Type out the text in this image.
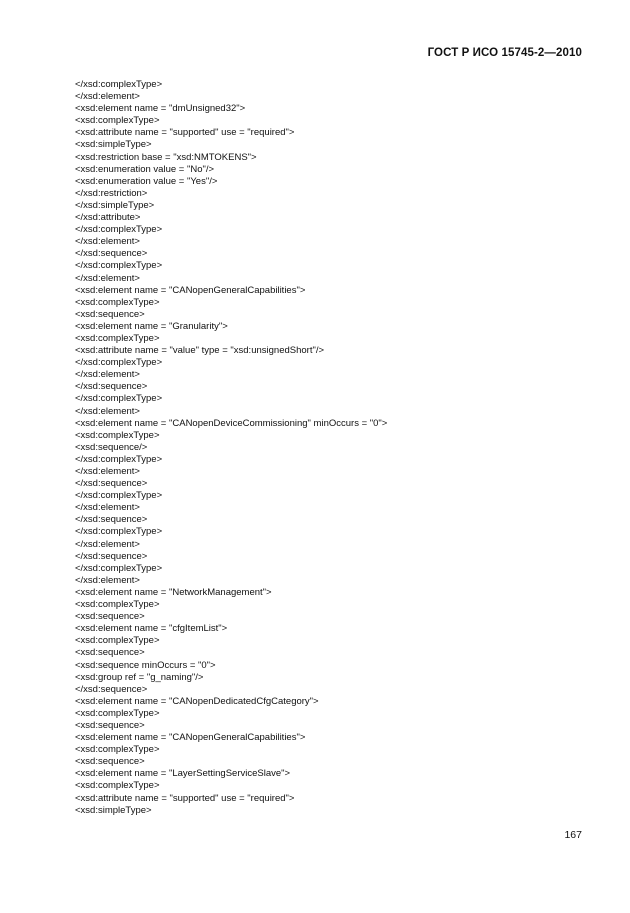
ГОСТ Р ИСО 15745-2—2010
</xsd:complexType>
</xsd:element>
<xsd:element name = "dmUnsigned32">
<xsd:complexType>
<xsd:attribute name = "supported" use = "required">
<xsd:simpleType>
<xsd:restriction base = "xsd:NMTOKENS">
<xsd:enumeration value = "No"/>
<xsd:enumeration value = "Yes"/>
</xsd:restriction>
</xsd:simpleType>
</xsd:attribute>
</xsd:complexType>
</xsd:element>
</xsd:sequence>
</xsd:complexType>
</xsd:element>
<xsd:element name = "CANopenGeneralCapabilities">
<xsd:complexType>
<xsd:sequence>
<xsd:element name = "Granularity">
<xsd:complexType>
<xsd:attribute name = "value" type = "xsd:unsignedShort"/>
</xsd:complexType>
</xsd:element>
</xsd:sequence>
</xsd:complexType>
</xsd:element>
<xsd:element name = "CANopenDeviceCommissioning" minOccurs = "0">
<xsd:complexType>
<xsd:sequence/>
</xsd:complexType>
</xsd:element>
</xsd:sequence>
</xsd:complexType>
</xsd:element>
</xsd:sequence>
</xsd:complexType>
</xsd:element>
</xsd:sequence>
</xsd:complexType>
</xsd:element>
<xsd:element name = "NetworkManagement">
<xsd:complexType>
<xsd:sequence>
<xsd:element name = "cfgItemList">
<xsd:complexType>
<xsd:sequence>
<xsd:sequence minOccurs = "0">
<xsd:group ref = "g_naming"/>
</xsd:sequence>
<xsd:element name = "CANopenDedicatedCfgCategory">
<xsd:complexType>
<xsd:sequence>
<xsd:element name = "CANopenGeneralCapabilities">
<xsd:complexType>
<xsd:sequence>
<xsd:element name = "LayerSettingServiceSlave">
<xsd:complexType>
<xsd:attribute name = "supported" use = "required">
<xsd:simpleType>
167
